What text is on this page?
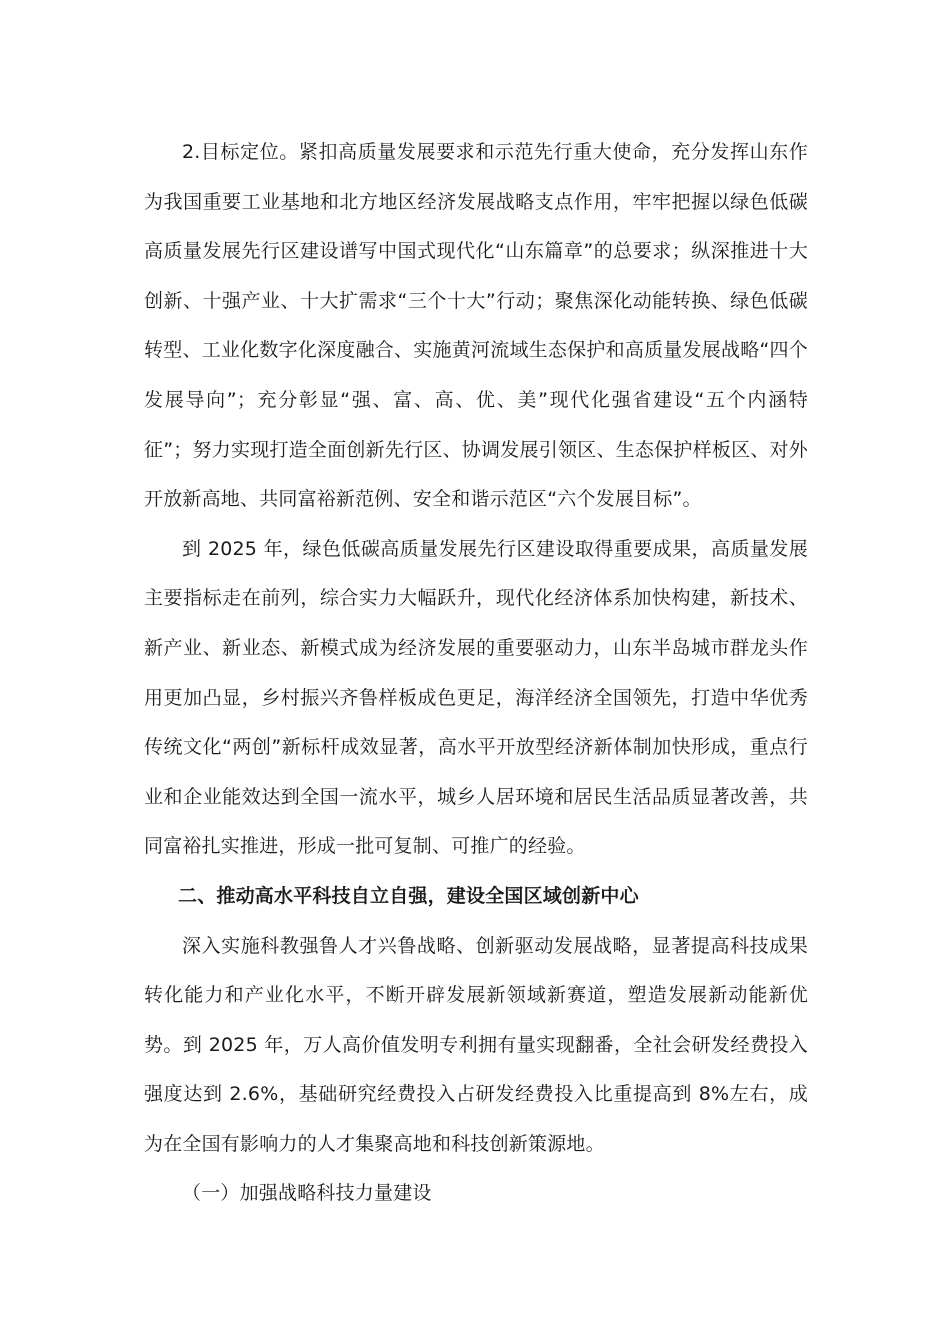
2.目标定位。紧扣高质量发展要求和示范先行重大使命，充分发挥山东作为我国重要工业基地和北方地区经济发展战略支点作用，牢牢把握以绿色低碳高质量发展先行区建设谱写中国式现代化“山东篇章”的总要求；纵深推进十大创新、十强产业、十大扩需求“三个十大”行动；聚焦深化动能转换、绿色低碳转型、工业化数字化深度融合、实施黄河流域生态保护和高质量发展战略“四个发展导向”；充分彰显“强、富、高、优、美”现代化强省建设“五个内涵特征”；努力实现打造全面创新先行区、协调发展引领区、生态保护样板区、对外开放新高地、共同富裕新范例、安全和谐示范区“六个发展目标”。

到 2025 年，绿色低碳高质量发展先行区建设取得重要成果，高质量发展主要指标走在前列，综合实力大幅跃升，现代化经济体系加快构建，新技术、新产业、新业态、新模式成为经济发展的重要驱动力，山东半岛城市群龙头作用更加凸显，乡村振兴齐鲁样板成色更足，海洋经济全国领先，打造中华优秀传统文化“两创”新标杆成效显著，高水平开放型经济新体制加快形成，重点行业和企业能效达到全国一流水平，城乡人居环境和居民生活品质显著改善，共同富裕扎实推进，形成一批可复制、可推广的经验。

二、推动高水平科技自立自强，建设全国区域创新中心

深入实施科教强鲁人才兴鲁战略、创新驱动发展战略，显著提高科技成果转化能力和产业化水平，不断开辟发展新领域新赛道，塑造发展新动能新优势。到 2025 年，万人高价值发明专利拥有量实现翻番，全社会研发经费投入强度达到 2.6%，基础研究经费投入占研发经费投入比重提高到 8%左右，成为在全国有影响力的人才集聚高地和科技创新策源地。

（一）加强战略科技力量建设
